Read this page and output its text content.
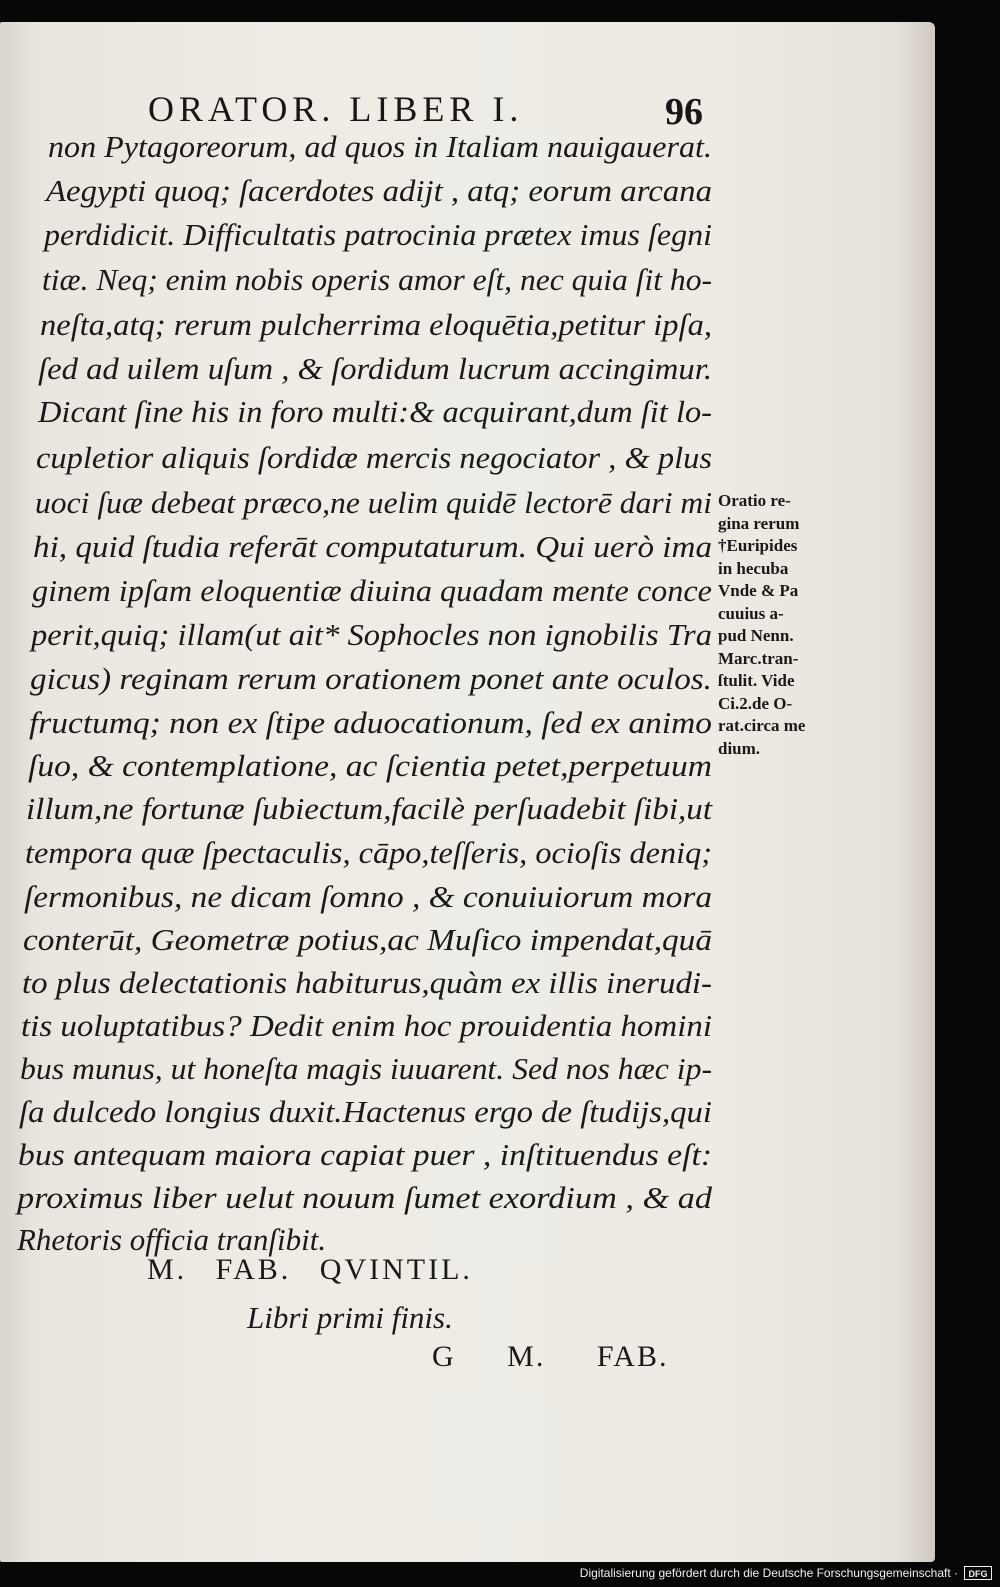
ORATOR. LIBER I.	96
non Pytagoreorum, ad quos in Italiam nauigauerat.
Aegypti quoq; ſacerdotes adijt , atq; eorum arcana
perdidicit. Difficultatis patrocinia prætex imus ſegni
tiæ. Neq; enim nobis operis amor eſt, nec quia ſit ho-
neſta,atq; rerum pulcherrima eloquētia,petitur ipſa,
ſed ad uilem uſum , & ſordidum lucrum accingimur.
Dicant ſine his in foro multi:& acquirant,dum ſit lo-
cupletior aliquis ſordidæ mercis negociator , & plus
uoci ſuæ debeat præco,ne uelim quidē lectorē dari mi
hi, quid ſtudia referāt computaturum. Qui uerò ima
ginem ipſam eloquentiæ diuina quadam mente conce
perit,quiq; illam(ut ait* Sophocles non ignobilis Tra
gicus) reginam rerum orationem ponet ante oculos.
fructumq; non ex ſtipe aduocationum, ſed ex animo
ſuo, & contemplatione, ac ſcientia petet,perpetuum
illum,ne fortunæ ſubiectum,facilè perſuadebit ſibi,ut
tempora quæ ſpectaculis, cāpo,teſſeris, ocioſis deniq;
ſermonibus, ne dicam ſomno , & conuiuiorum mora
conterūt, Geometræ potius,ac Muſico impendat,quā
to plus delectationis habiturus,quàm ex illis inerudi-
tis uoluptatibus? Dedit enim hoc prouidentia homini
bus munus, ut honeſta magis iuuarent. Sed nos hæc ip-
ſa dulcedo longius duxit.Hactenus ergo de ſtudijs,qui
bus antequam maiora capiat puer , inſtituendus eſt:
proximus liber uelut nouum ſumet exordium , & ad
Rhetoris officia tranſibit.
M. FAB. QVINTIL.
Libri primi finis.
G M. FAB.
Oratio re-
gina rerum
†Euripides
in hecuba
Vnde & Pa
cuuius a-
pud Nenn.
Marc.tran-
ſtulit. Vide
Ci.2.de O-
rat.circa me
dium.
Digitalisierung gefördert durch die Deutsche Forschungsgemeinschaft ·	DFG
